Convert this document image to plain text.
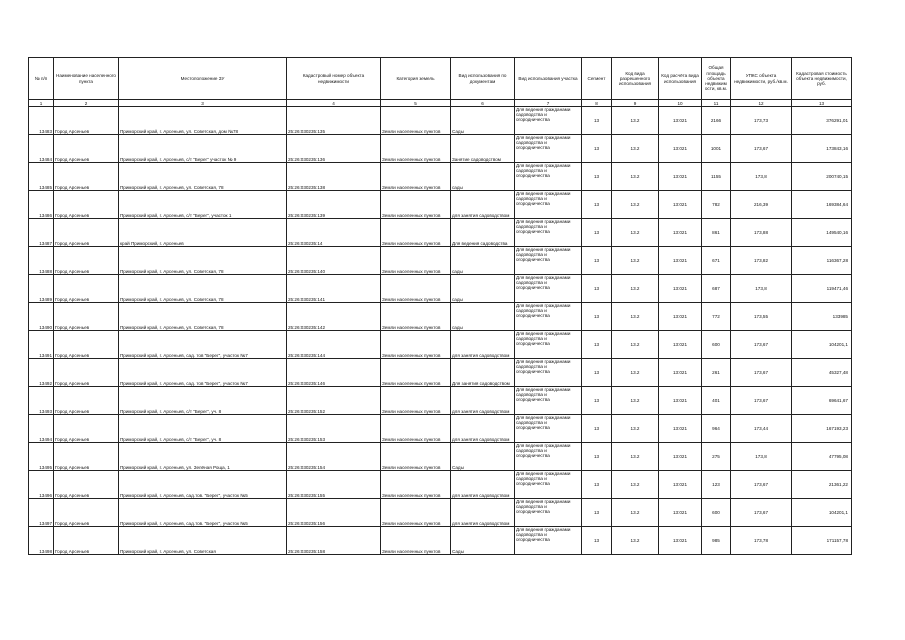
№ п/п	Наименование населенного пункта	Местоположение ЗУ	Кадастровый номер объекта недвижимости	Категория земель	Вид использования по документам	Вид использования участка	Сегмент	Код вида разрешенного использования	Код расчёта вида использования	Общая площадь объекта недвижим ости, кв.м.	УПКС объекта недвижимости, руб./кв.м.	Кадастровая стоимость объекта недвижимости, руб.
1	2	3	4	5	6	7	8	9	10	11	12	13
13483	Город Арсеньев	Приморский край, г. Арсеньев, ул. Советская, дом №78	25:26:030235:135	Земли населенных пунктов	Сады	Для ведения гражданами садоводства и огородничества	13	13.2	13:021	2166	173,73	376291,01
13484	Город Арсеньев	Приморский край, г. Арсеньев, с/т "Берег" участок № 9	25:26:030235:136	Земли населенных пунктов	Занятие садоводством	Для ведения гражданами садоводства и огородничества	13	13.2	13:021	1001	173,67	173843,16
13485	Город Арсеньев	Приморский край, г. Арсеньев, ул. Советская, 78	25:26:030235:138	Земли населенных пунктов	сады	Для ведения гражданами садоводства и огородничества	13	13.2	13:021	1155	173,8	200740,15
13486	Город Арсеньев	Приморский край, г. Арсеньев, с/т "Берег", участок 1	25:26:030235:139	Земли населенных пунктов	для занятия садоводством	Для ведения гражданами садоводства и огородничества	13	13.2	13:021	782	216,39	169384,64
13487	Город Арсеньев	край Приморский, г. Арсеньев	25:26:030235:14	Земли населенных пунктов	Для ведения садоводства	Для ведения гражданами садоводства и огородничества	13	13.2	13:021	861	173,88	149540,16
13488	Город Арсеньев	Приморский край, г. Арсеньев, ул. Советская, 78	25:26:030235:140	Земли населенных пунктов	сады	Для ведения гражданами садоводства и огородничества	13	13.2	13:021	671	173,82	116367,28
13489	Город Арсеньев	Приморский край, г. Арсеньев, ул. Советская, 78	25:26:030235:141	Земли населенных пунктов	сады	Для ведения гражданами садоводства и огородничества	13	13.2	13:021	687	173,8	119471,46
13490	Город Арсеньев	Приморский край, г. Арсеньев, ул. Советская, 78	25:26:030235:142	Земли населенных пунктов	сады	Для ведения гражданами садоводства и огородничества	13	13.2	13:021	772	173,55	133985
13491	Город Арсеньев	Приморский край, г. Арсеньев, сад. тов "Берег", участок №7	25:26:030235:144	Земли населенных пунктов	для занятия садоводством	Для ведения гражданами садоводства и огородничества	13	13.2	13:021	600	173,67	104201,1
13492	Город Арсеньев	Приморский край, г. Арсеньев, сад. тов "Берег", участок №7	25:26:030235:146	Земли населенных пунктов	Для занятия садоводством	Для ведения гражданами садоводства и огородничества	13	13.2	13:021	261	173,67	45327,48
13493	Город Арсеньев	Приморский край, г. Арсеньев, с/т "Берег", уч. 8	25:26:030235:152	Земли населенных пунктов	для занятия садоводством	Для ведения гражданами садоводства и огородничества	13	13.2	13:021	401	173,67	69641,67
13494	Город Арсеньев	Приморский край, г. Арсеньев, с/т "Берег", уч. 8	25:26:030235:153	Земли населенных пунктов	для занятия садоводством	Для ведения гражданами садоводства и огородничества	13	13.2	13:021	964	173,44	167193,23
13495	Город Арсеньев	Приморский край, г. Арсеньев, ул. Зелёная Роща, 1	25:26:030235:154	Земли населенных пунктов	Сады	Для ведения гражданами садоводства и огородничества	13	13.2	13:021	275	173,8	47795,08
13496	Город Арсеньев	Приморский край, г. Арсеньев, сад.тов. "Берег", участок №5	25:26:030235:155	Земли населенных пунктов	для занятия садоводством	Для ведения гражданами садоводства и огородничества	13	13.2	13:021	123	173,67	21361,22
13497	Город Арсеньев	Приморский край, г. Арсеньев, сад.тов. "Берег", участок №5	25:26:030235:156	Земли населенных пунктов	для занятия садоводством	Для ведения гражданами садоводства и огородничества	13	13.2	13:021	600	173,67	104201,1
13498	Город Арсеньев	Приморский край, г. Арсеньев, ул. Советская	25:26:030235:158	Земли населенных пунктов	Сады	Для ведения гражданами садоводства и огородничества	13	13.2	13:021	985	173,78	171157,78
